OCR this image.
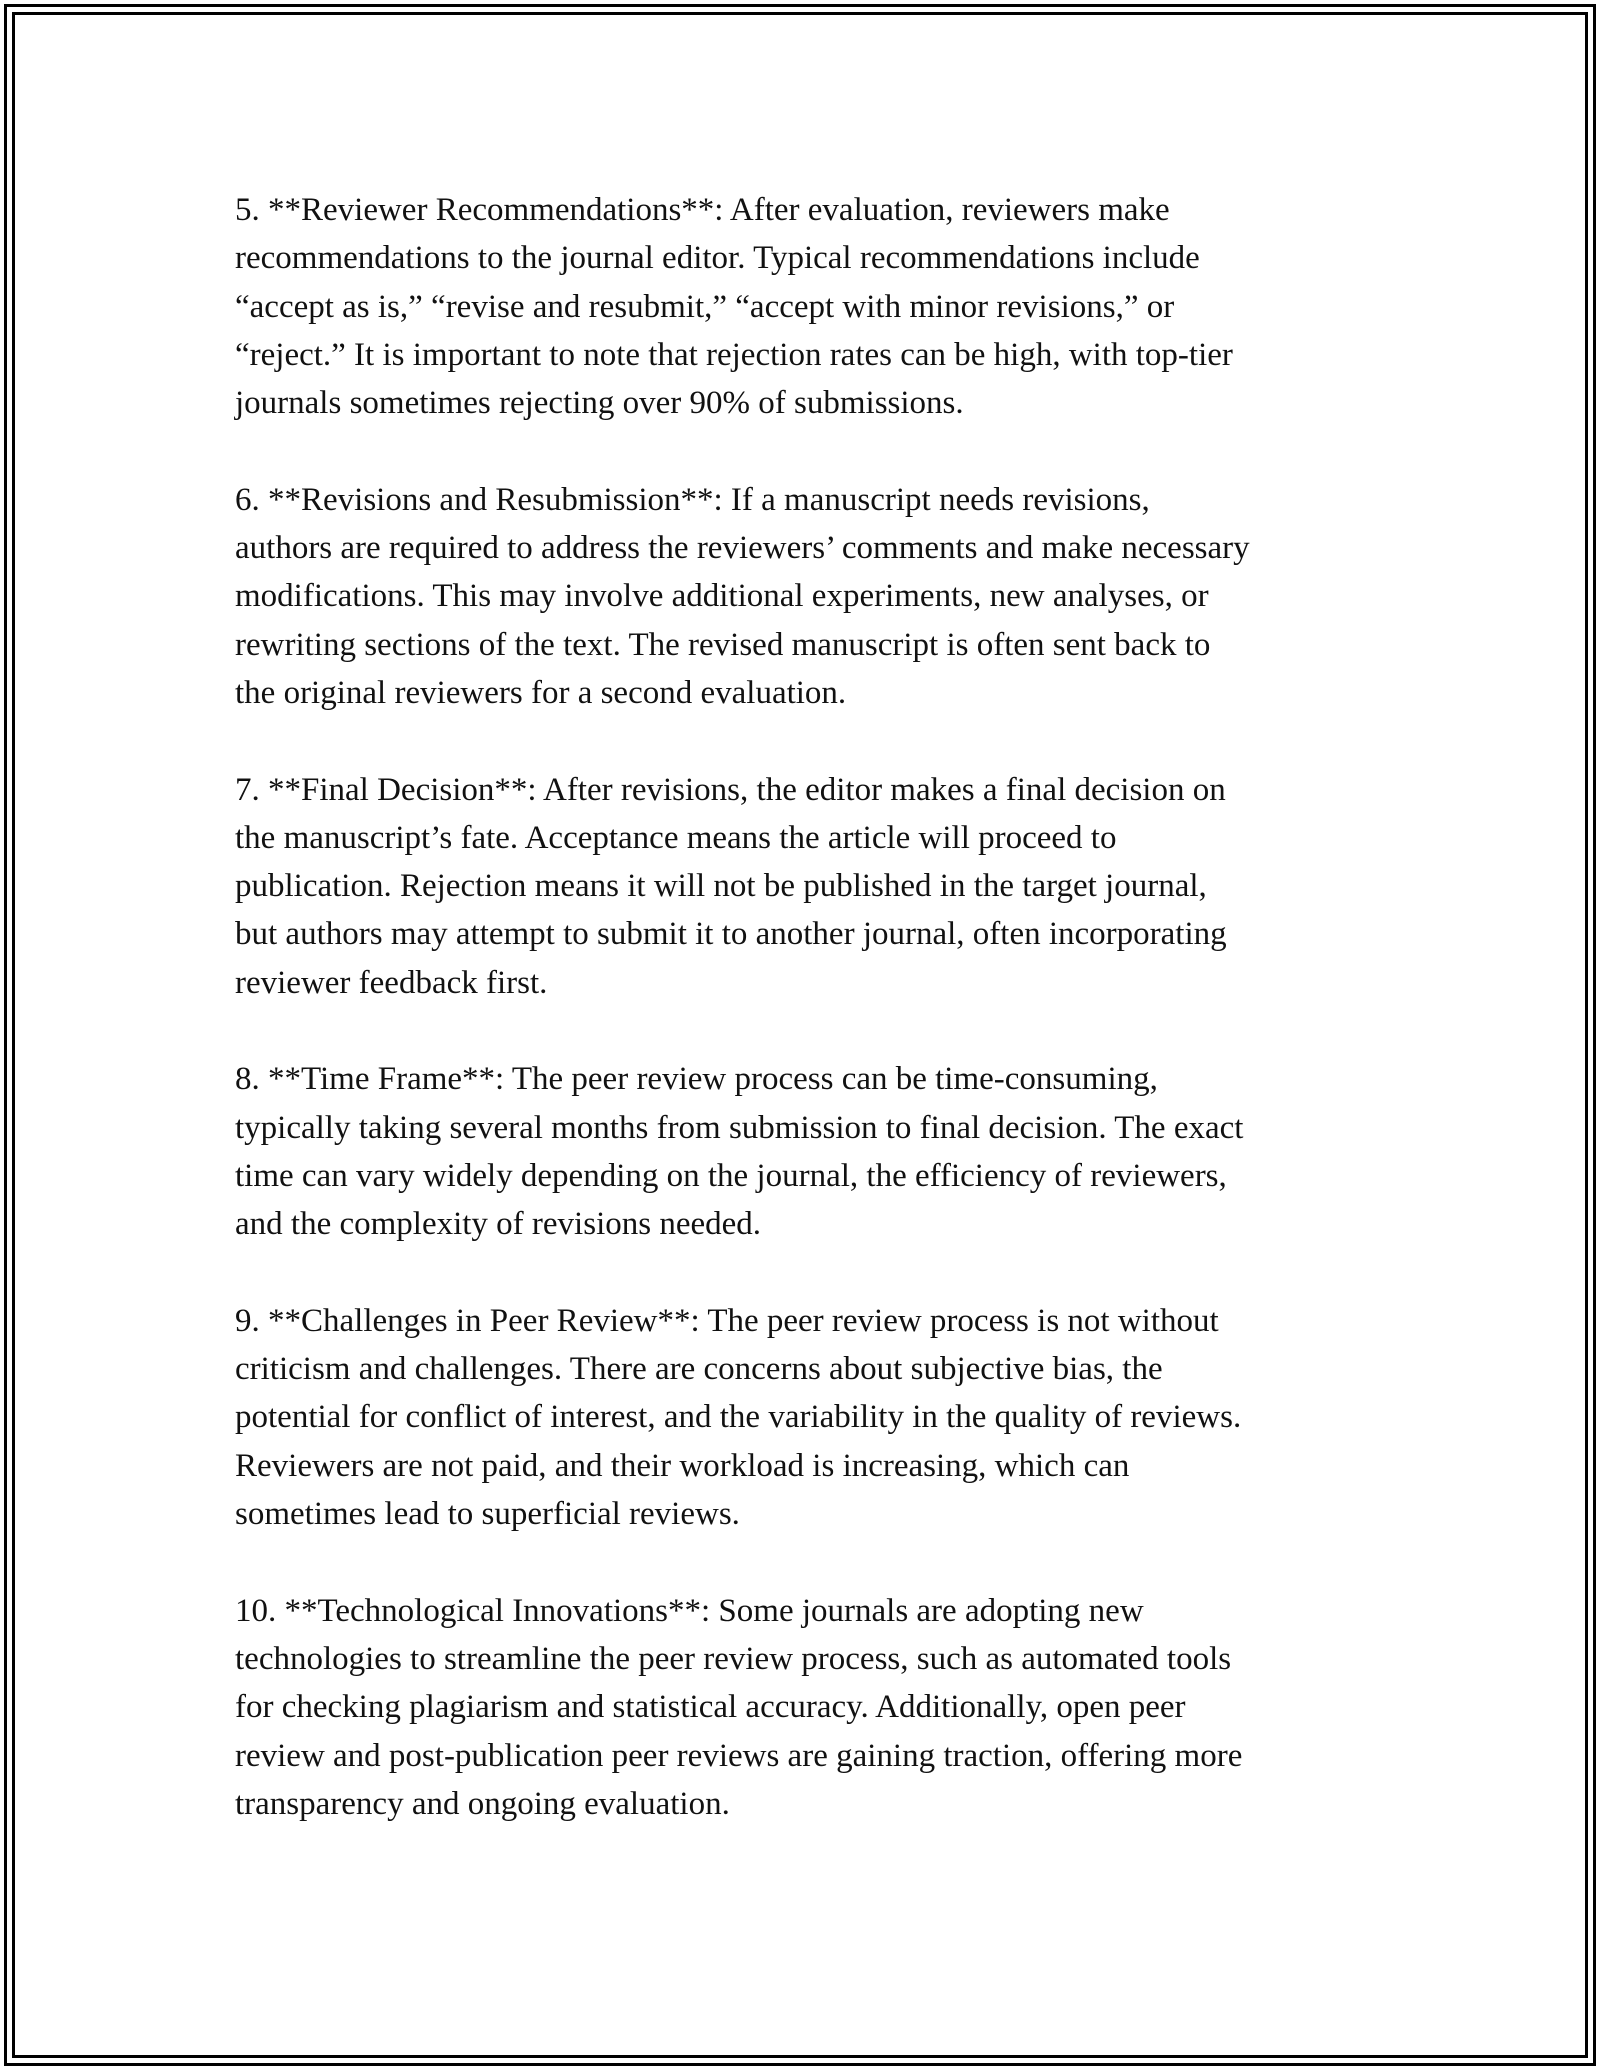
5. **Reviewer Recommendations**: After evaluation, reviewers make
recommendations to the journal editor. Typical recommendations include
“accept as is,” “revise and resubmit,” “accept with minor revisions,” or
“reject.” It is important to note that rejection rates can be high, with top-tier
journals sometimes rejecting over 90% of submissions.

6. **Revisions and Resubmission**: If a manuscript needs revisions,
authors are required to address the reviewers’ comments and make necessary
modifications. This may involve additional experiments, new analyses, or
rewriting sections of the text. The revised manuscript is often sent back to
the original reviewers for a second evaluation.

7. **Final Decision**: After revisions, the editor makes a final decision on
the manuscript’s fate. Acceptance means the article will proceed to
publication. Rejection means it will not be published in the target journal,
but authors may attempt to submit it to another journal, often incorporating
reviewer feedback first.

8. **Time Frame**: The peer review process can be time-consuming,
typically taking several months from submission to final decision. The exact
time can vary widely depending on the journal, the efficiency of reviewers,
and the complexity of revisions needed.

9. **Challenges in Peer Review**: The peer review process is not without
criticism and challenges. There are concerns about subjective bias, the
potential for conflict of interest, and the variability in the quality of reviews.
Reviewers are not paid, and their workload is increasing, which can
sometimes lead to superficial reviews.

10. **Technological Innovations**: Some journals are adopting new
technologies to streamline the peer review process, such as automated tools
for checking plagiarism and statistical accuracy. Additionally, open peer
review and post-publication peer reviews are gaining traction, offering more
transparency and ongoing evaluation.
